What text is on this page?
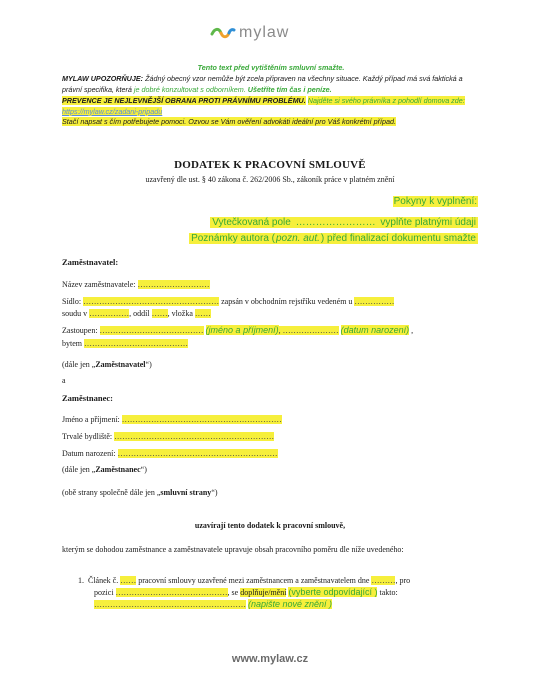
mylaw
Tento text před vytištěním smluvní smažte.
MYLAW UPOZORŇUJE: Žádný obecný vzor nemůže být zcela připraven na všechny situace. Každý případ má svá faktická a právní specifika, která je dobré konzultovat s odborníkem. Ušetříte tím čas i peníze.
PREVENCE JE NEJLEVNĚJŠÍ OBRANA PROTI PRÁVNÍMU PROBLÉMU. Najděte si svého právníka z pohodlí domova zde: https://mylaw.cz/zadani-pripadu
Stačí napsat s čím potřebujete pomoci. Ozvou se Vám ověření advokáti ideální pro Váš konkrétní případ.
DODATEK K PRACOVNÍ SMLOUVĚ
uzavřený dle ust. § 40 zákona č. 262/2006 Sb., zákoník práce v platném znění
Pokyny k vyplnění:
Vytečkovaná pole …………………… vyplňte platnými údaji
Poznámky autora (pozn. aut.) před finalizací dokumentu smažte
Zaměstnavatel:
Název zaměstnavatele: ………………………
Sídlo: …………………………………………… zapsán v obchodním rejstříku vedeném u ……………
soudu v ……………, oddíl ……, vložka ……
Zastoupen: ………………………………… (jméno a příjmení), ………………… (datum narození) ,
bytem …………………………………
(dále jen „Zaměstnavatel“)
a
Zaměstnanec:
Jméno a příjmení: ……………………………………………………
Trvalé bydliště: ……………………………………………………
Datum narození: ……………………………………………………
(dále jen „Zaměstnanec“)
(obě strany společně dále jen „smluvní strany“)
uzavírají tento dodatek k pracovní smlouvě,
kterým se dohodou zaměstnance a zaměstnavatele upravuje obsah pracovního poměru dle níže uvedeného:
1. Článek č. …… pracovní smlouvy uzavřené mezi zaměstnancem a zaměstnavatelem dne ………, pro
pozici ……………………………………, se doplňuje/mění (vyberte odpovídající ) takto:
………………………………………………… (napište nové znění )
www.mylaw.cz
